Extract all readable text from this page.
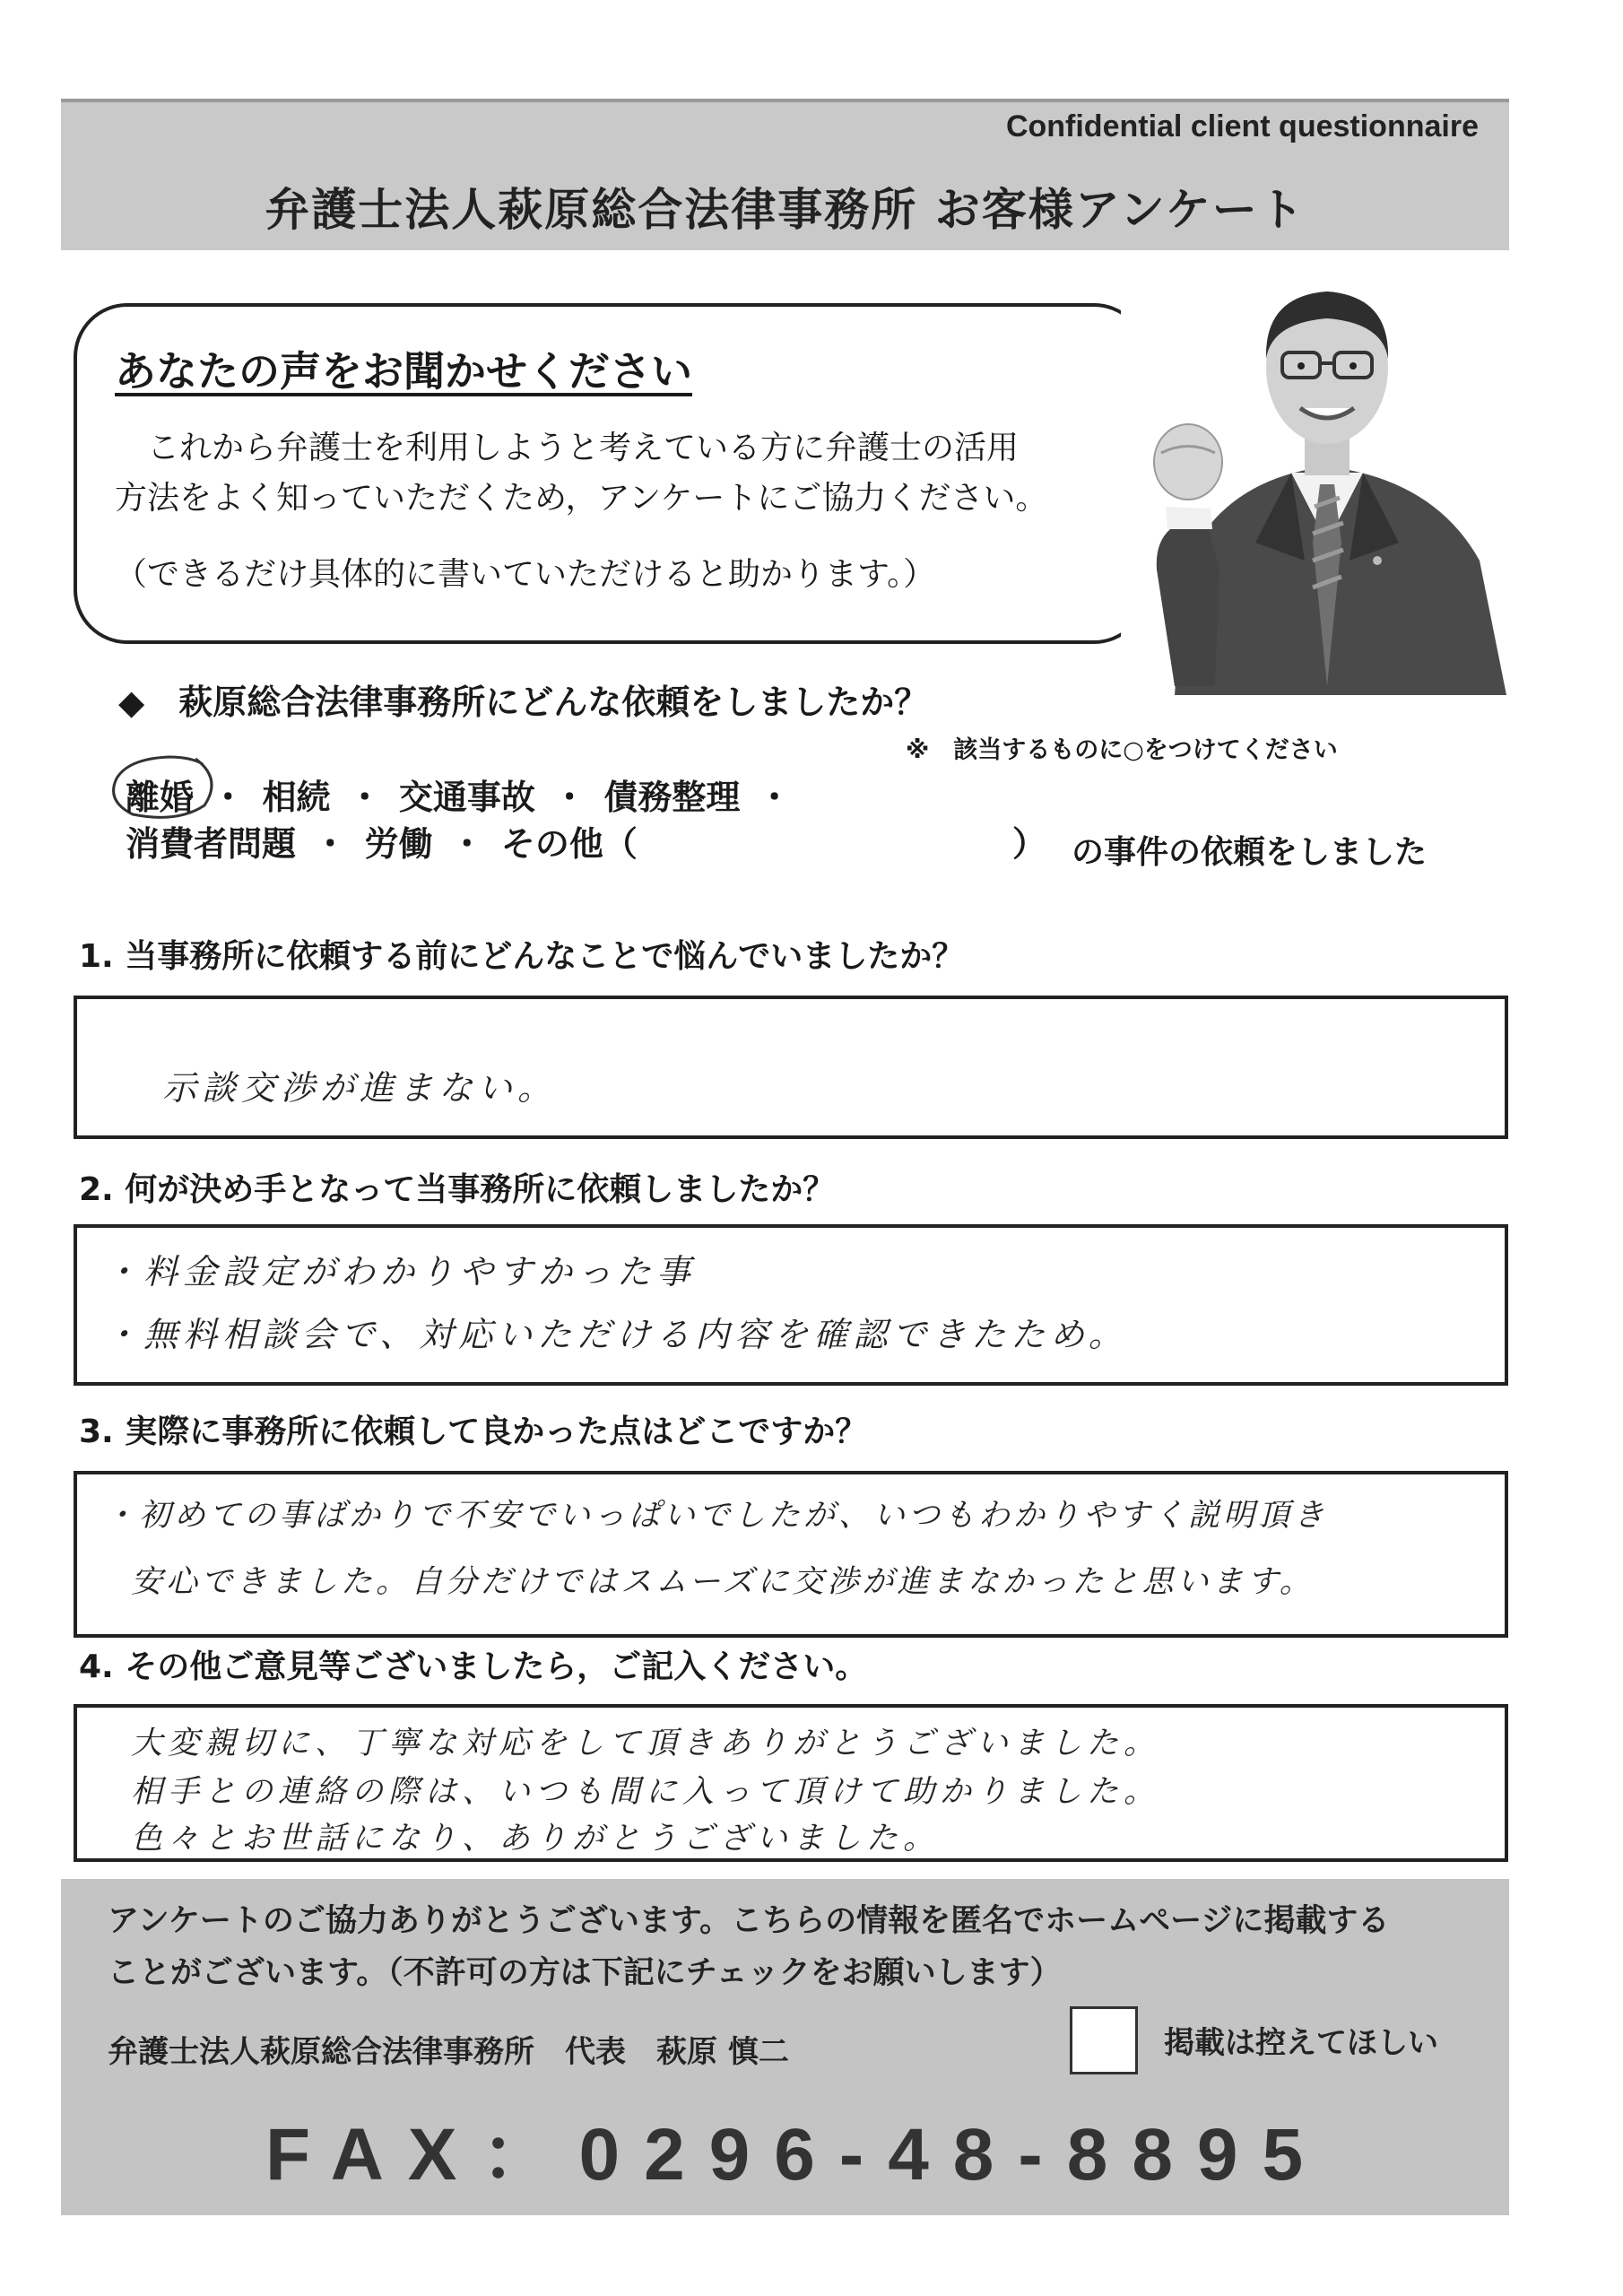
Confidential client questionnaire
弁護士法人萩原総合法律事務所 お客様アンケート
あなたの声をお聞かせください

これから弁護士を利用しようと考えている方に弁護士の活用

方法をよく知っていただくため，アンケートにご協力ください。

（できるだけ具体的に書いていただけると助かります。）
◆　萩原総合法律事務所にどんな依頼をしましたか？
※　該当するものに○をつけてください
離婚 ・ 相続 ・ 交通事故 ・ 債務整理 ・
消費者問題 ・ 労働 ・ その他（　　　　　　　　　　　） の事件の依頼をしました
1. 当事務所に依頼する前にどんなことで悩んでいましたか？
示談交渉が進まない。
2. 何が決め手となって当事務所に依頼しましたか？
・料金設定がわかりやすかった事
・無料相談会で、対応いただける内容を確認できたため。
3. 実際に事務所に依頼して良かった点はどこですか？
・初めての事ばかりで不安でいっぱいでしたが、いつもわかりやすく説明頂き
安心できました。自分だけではスムーズに交渉が進まなかったと思います。
4. その他ご意見等ございましたら，ご記入ください。
大変親切に、丁寧な対応をして頂きありがとうございました。
相手との連絡の際は、いつも間に入って頂けて助かりました。
色々とお世話になり、ありがとうございました。

アンケートのご協力ありがとうございます。こちらの情報を匿名でホームページに掲載する

ことがございます。（不許可の方は下記にチェックをお願いします）

弁護士法人萩原総合法律事務所　代表　萩原 慎二	掲載は控えてほしい
FAX：0296-48-8895
